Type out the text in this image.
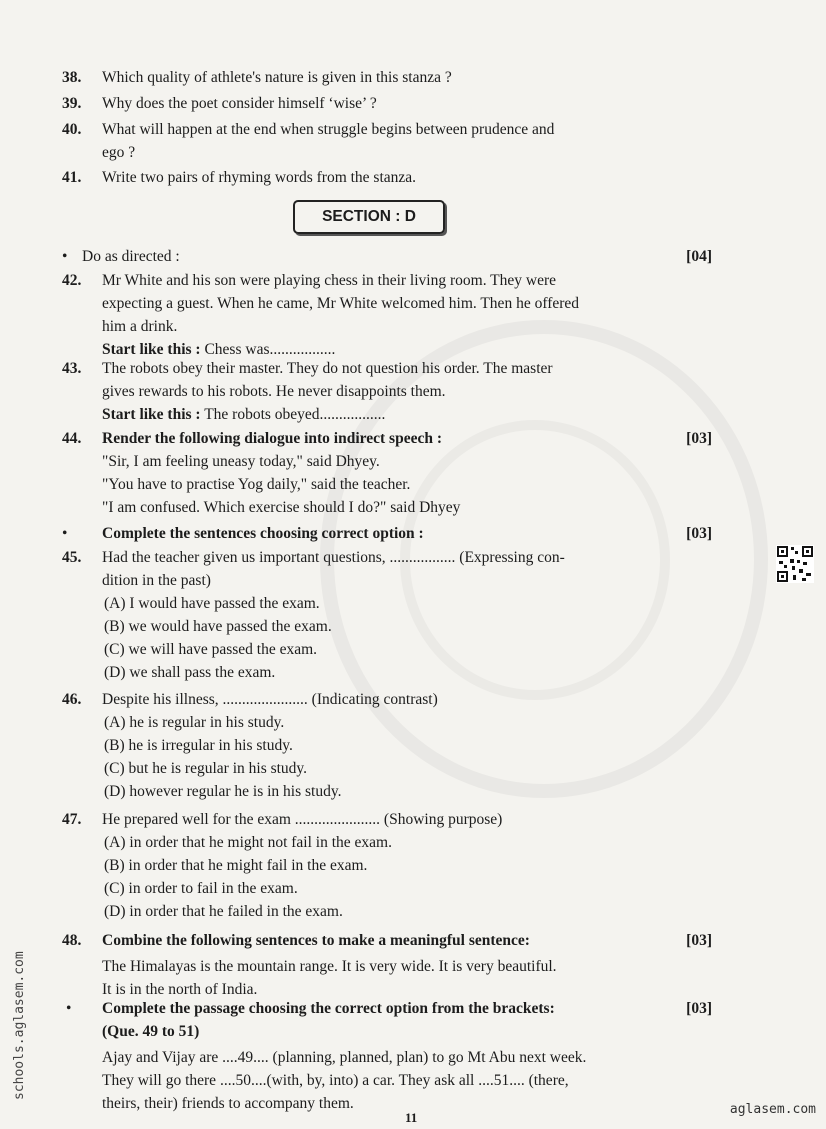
38.	Which quality of athlete's nature is given in this stanza ?
39.	Why does the poet consider himself ‘wise’ ?
40.	What will happen at the end when struggle begins between prudence and
ego ?
41.	Write two pairs of rhyming words from the stanza.
SECTION : D
• Do as directed :	[04]
42.	Mr White and his son were playing chess in their living room. They were
expecting a guest. When he came, Mr White welcomed him. Then he offered
him a drink.
Start like this : Chess was.................
43.	The robots obey their master. They do not question his order. The master
gives rewards to his robots. He never disappoints them.
Start like this : The robots obeyed.................
44.	Render the following dialogue into indirect speech :
"Sir, I am feeling uneasy today," said Dhyey.
"You have to practise Yog daily," said the teacher.
"I am confused. Which exercise should I do?" said Dhyey
[03]
•	Complete the sentences choosing correct option :	[03]
45.	Had the teacher given us important questions, ................. (Expressing con-
dition in the past)
(A) I would have passed the exam.
(B) we would have passed the exam.
(C) we will have passed the exam.
(D) we shall pass the exam.
46.	Despite his illness, ...................... (Indicating contrast)
(A) he is regular in his study.
(B) he is irregular in his study.
(C) but he is regular in his study.
(D) however regular he is in his study.
47.	He prepared well for the exam ...................... (Showing purpose)
(A) in order that he might not fail in the exam.
(B) in order that he might fail in the exam.
(C) in order to fail in the exam.
(D) in order that he failed in the exam.
48.	Combine the following sentences to make a meaningful sentence:
The Himalayas is the mountain range. It is very wide. It is very beautiful.
It is in the north of India.
[03]
•	Complete the passage choosing the correct option from the brackets:
(Que. 49 to 51)
Ajay and Vijay are ....49.... (planning, planned, plan) to go Mt Abu next week.
They will go there ....50....(with, by, into) a car. They ask all ....51.... (there,
theirs, their) friends to accompany them.
[03]
schools.aglasem.com
11
aglasem.com
